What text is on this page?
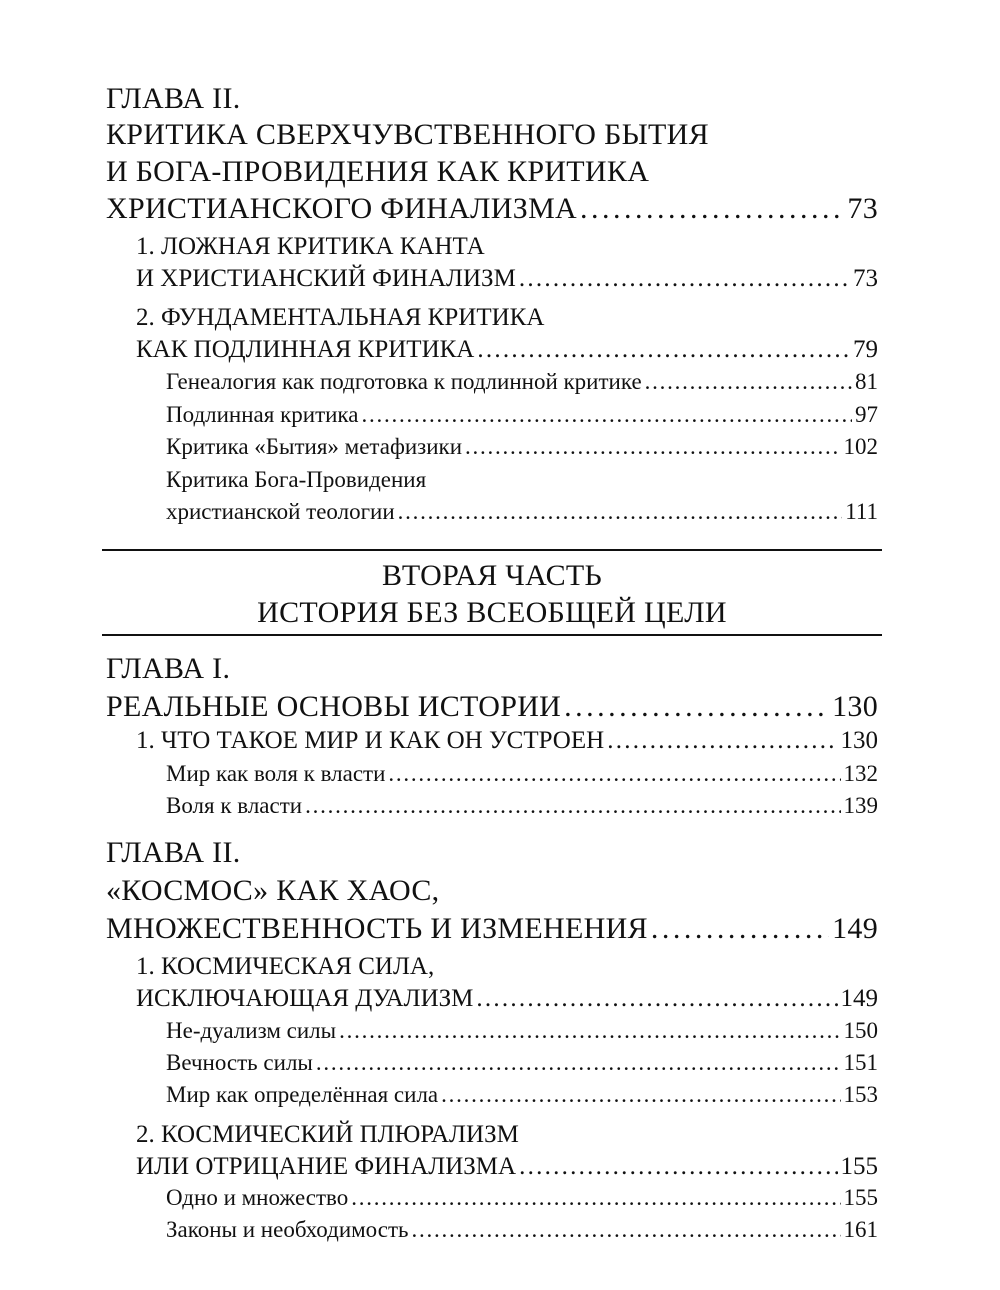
ГЛАВА II.
КРИТИКА СВЕРХЧУВСТВЕННОГО БЫТИЯ
И БОГА-ПРОВИДЕНИЯ КАК КРИТИКА
ХРИСТИАНСКОГО ФИНАЛИЗМА . . .	73
1. ЛОЖНАЯ КРИТИКА КАНТА
И ХРИСТИАНСКИЙ ФИНАЛИЗМ . . .	73
2. ФУНДАМЕНТАЛЬНАЯ КРИТИКА
КАК ПОДЛИННАЯ КРИТИКА . . .	79
Генеалогия как подготовка к подлинной критике . . .	81
Подлинная критика . . .	97
Критика «Бытия» метафизики . . .	102
Критика Бога-Провидения
христианской теологии . . .	111
ВТОРАЯ ЧАСТЬ
ИСТОРИЯ БЕЗ ВСЕОБЩЕЙ ЦЕЛИ
ГЛАВА I.
РЕАЛЬНЫЕ ОСНОВЫ ИСТОРИИ . . .	130
1. ЧТО ТАКОЕ МИР И КАК ОН УСТРОЕН . . .	130
Мир как воля к власти . . .	132
Воля к власти . . .	139
ГЛАВА II.
«КОСМОС» КАК ХАОС,
МНОЖЕСТВЕННОСТЬ И ИЗМЕНЕНИЯ . . .	149
1. КОСМИЧЕСКАЯ СИЛА,
ИСКЛЮЧАЮЩАЯ ДУАЛИЗМ . . .	149
Не-дуализм силы . . .	150
Вечность силы . . .	151
Мир как определённая сила . . .	153
2. КОСМИЧЕСКИЙ ПЛЮРАЛИЗМ
ИЛИ ОТРИЦАНИЕ ФИНАЛИЗМА . . .	155
Одно и множество . . .	155
Законы и необходимость . . .	161
